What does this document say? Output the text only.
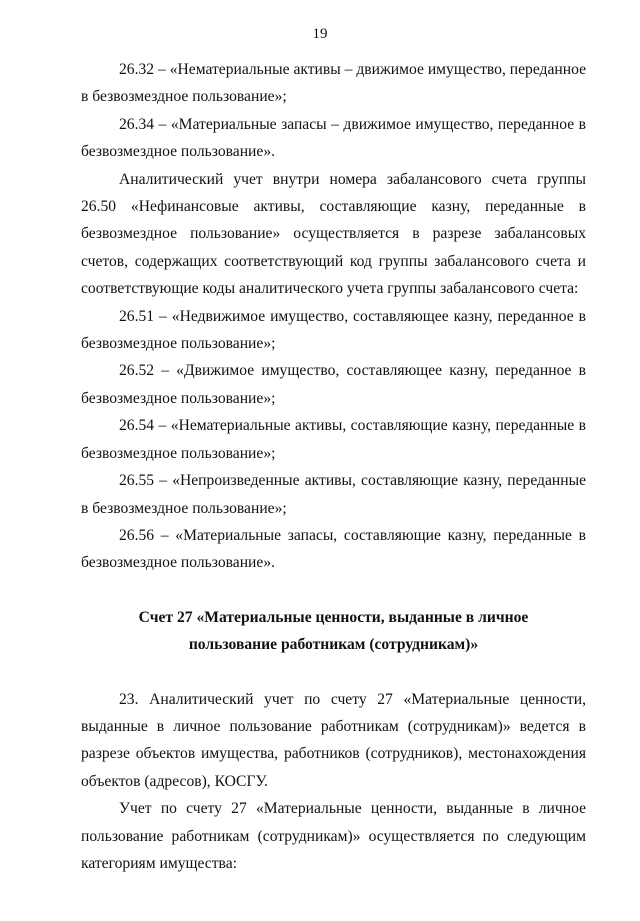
19

26.32 – «Нематериальные активы – движимое имущество, переданное в безвозмездное пользование»;

26.34 – «Материальные запасы – движимое имущество, переданное в безвозмездное пользование».

Аналитический учет внутри номера забалансового счета группы 26.50 «Нефинансовые активы, составляющие казну, переданные в безвозмездное пользование» осуществляется в разрезе забалансовых счетов, содержащих соответствующий код группы забалансового счета и соответствующие коды аналитического учета группы забалансового счета:

26.51 – «Недвижимое имущество, составляющее казну, переданное в безвозмездное пользование»;

26.52 – «Движимое имущество, составляющее казну, переданное в безвозмездное пользование»;

26.54 – «Нематериальные активы, составляющие казну, переданные в безвозмездное пользование»;

26.55 – «Непроизведенные активы, составляющие казну, переданные в безвозмездное пользование»;

26.56 – «Материальные запасы, составляющие казну, переданные в безвозмездное пользование».

Счет 27 «Материальные ценности, выданные в личное
пользование работникам (сотрудникам)»

23. Аналитический учет по счету 27 «Материальные ценности, выданные в личное пользование работникам (сотрудникам)» ведется в разрезе объектов имущества, работников (сотрудников), местонахождения объектов (адресов), КОСГУ.

Учет по счету 27 «Материальные ценности, выданные в личное пользование работникам (сотрудникам)» осуществляется по следующим категориям имущества:
